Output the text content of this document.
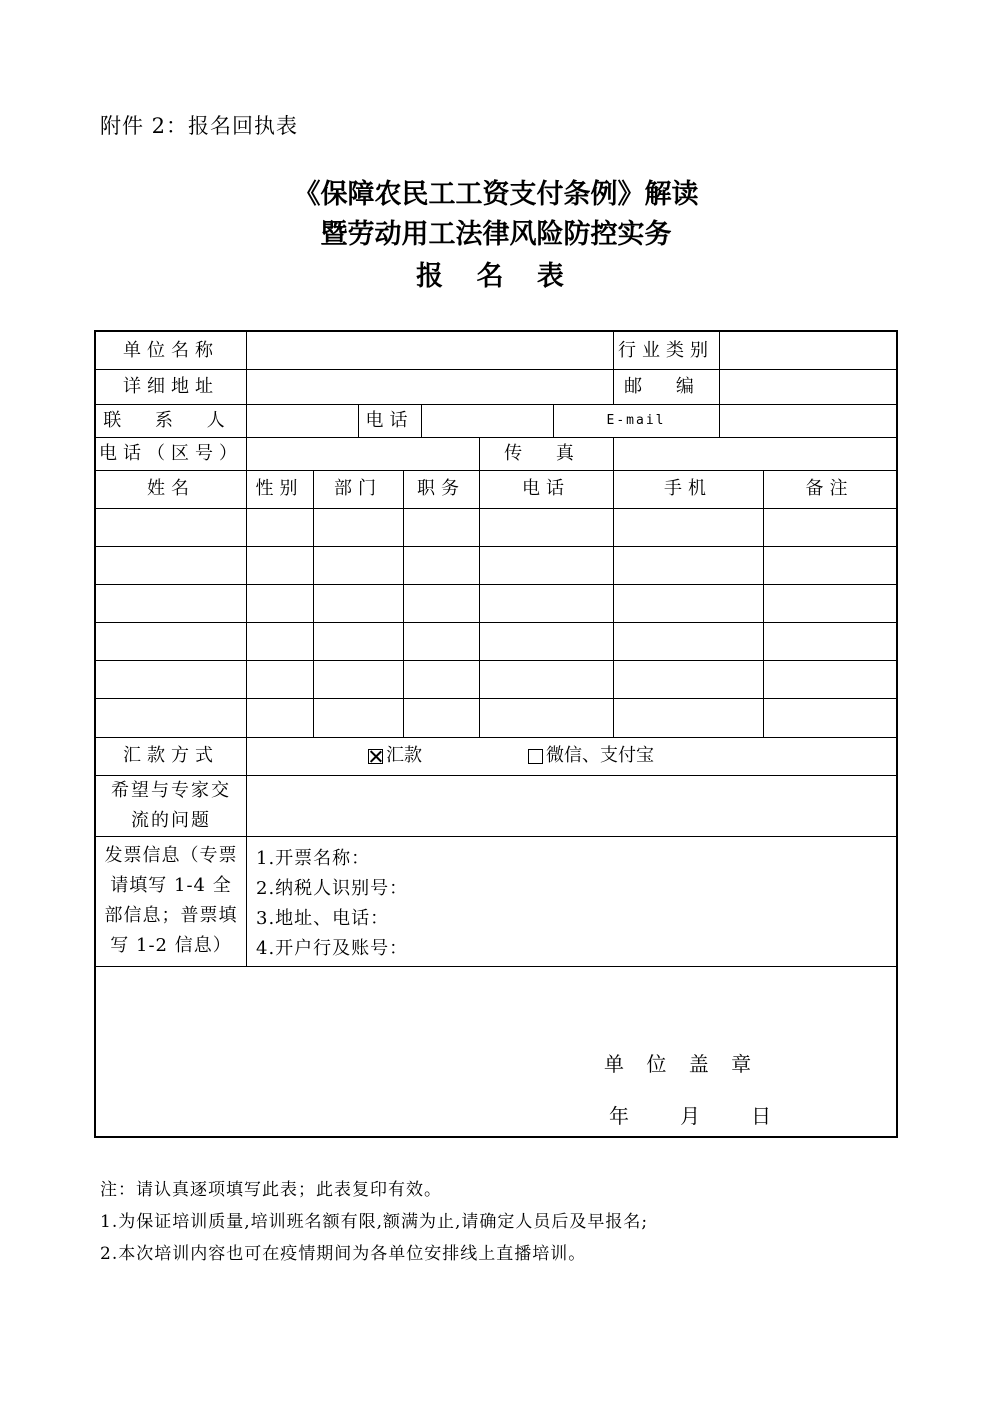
附件 2：报名回执表
《保障农民工工资支付条例》解读
暨劳动用工法律风险防控实务
报 名 表
单位名称	行业类别
详细地址	邮 编
联 系 人	电话	E-mail
电话（区号）	传 真
姓名	性别	部门	职务	电话	手机	备注
汇款方式	汇款	微信、支付宝
希望与专家交
流的问题
发票信息（专票
请填写 1-4 全
部信息；普票填
写 1-2 信息）
1.开票名称：
2.纳税人识别号：
3.地址、电话：
4.开户行及账号：
单 位 盖 章
年   月   日
注：请认真逐项填写此表；此表复印有效。
1.为保证培训质量,培训班名额有限,额满为止,请确定人员后及早报名;
2.本次培训内容也可在疫情期间为各单位安排线上直播培训。
